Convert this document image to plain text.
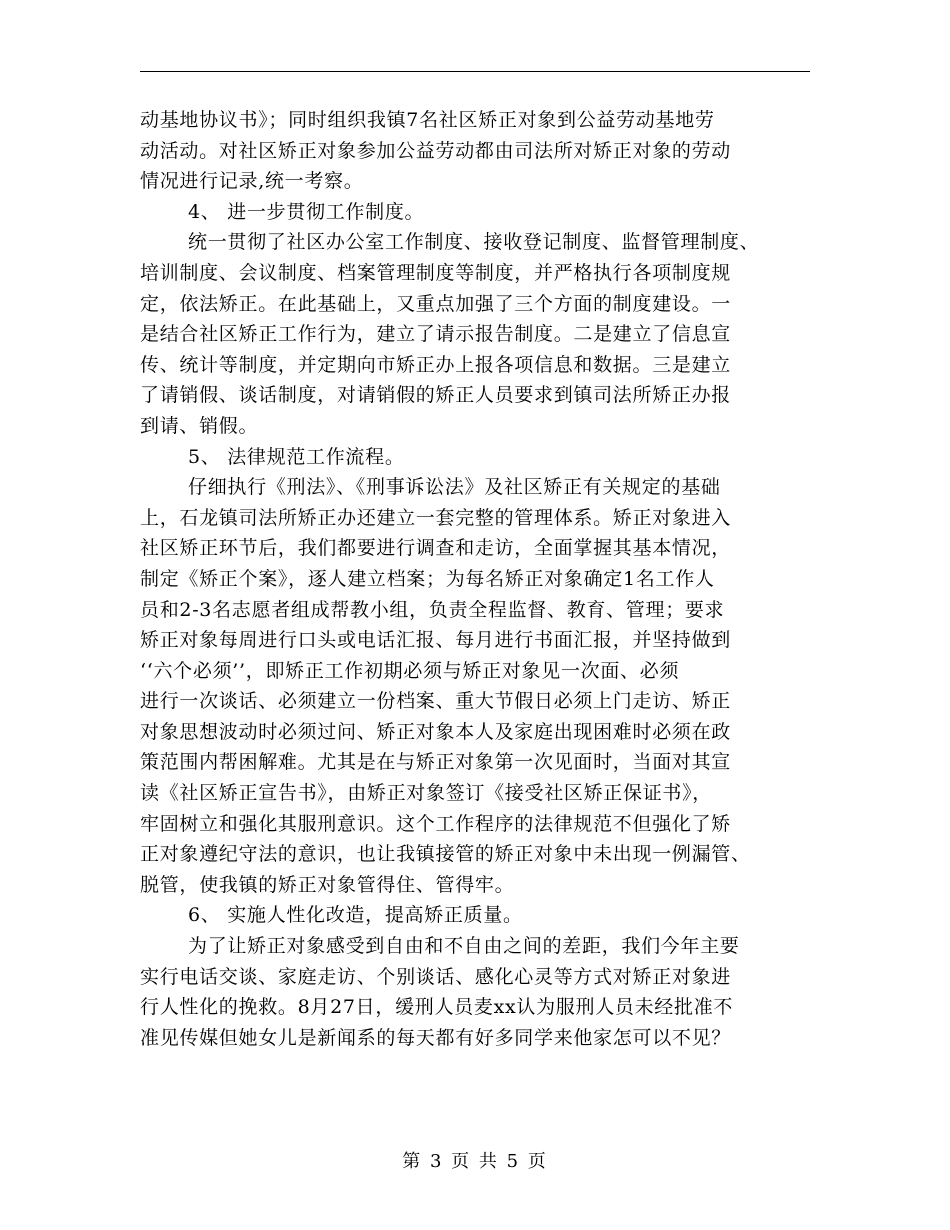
动基地协议书》；同时组织我镇7名社区矫正对象到公益劳动基地劳
动活动。对社区矫正对象参加公益劳动都由司法所对矫正对象的劳动
情况进行记录,统一考察。
4、 进一步贯彻工作制度。
统一贯彻了社区办公室工作制度、接收登记制度、监督管理制度、
培训制度、会议制度、档案管理制度等制度，并严格执行各项制度规
定，依法矫正。在此基础上，又重点加强了三个方面的制度建设。一
是结合社区矫正工作行为，建立了请示报告制度。二是建立了信息宣
传、统计等制度，并定期向市矫正办上报各项信息和数据。三是建立
了请销假、谈话制度，对请销假的矫正人员要求到镇司法所矫正办报
到请、销假。
5、 法律规范工作流程。
仔细执行《刑法》、《刑事诉讼法》及社区矫正有关规定的基础
上，石龙镇司法所矫正办还建立一套完整的管理体系。矫正对象进入
社区矫正环节后，我们都要进行调查和走访，全面掌握其基本情况，
制定《矫正个案》，逐人建立档案；为每名矫正对象确定1名工作人
员和2-3名志愿者组成帮教小组，负责全程监督、教育、管理；要求
矫正对象每周进行口头或电话汇报、每月进行书面汇报，并坚持做到
‘‘六个必须’’，即矫正工作初期必须与矫正对象见一次面、必须
进行一次谈话、必须建立一份档案、重大节假日必须上门走访、矫正
对象思想波动时必须过问、矫正对象本人及家庭出现困难时必须在政
策范围内帮困解难。尤其是在与矫正对象第一次见面时，当面对其宣
读《社区矫正宣告书》，由矫正对象签订《接受社区矫正保证书》，
牢固树立和强化其服刑意识。这个工作程序的法律规范不但强化了矫
正对象遵纪守法的意识，也让我镇接管的矫正对象中未出现一例漏管、
脱管，使我镇的矫正对象管得住、管得牢。
6、 实施人性化改造，提高矫正质量。
为了让矫正对象感受到自由和不自由之间的差距，我们今年主要
实行电话交谈、家庭走访、个别谈话、感化心灵等方式对矫正对象进
行人性化的挽救。8月27日，缓刑人员麦xx认为服刑人员未经批准不
准见传媒但她女儿是新闻系的每天都有好多同学来他家怎可以不见？
第 3 页 共 5 页
